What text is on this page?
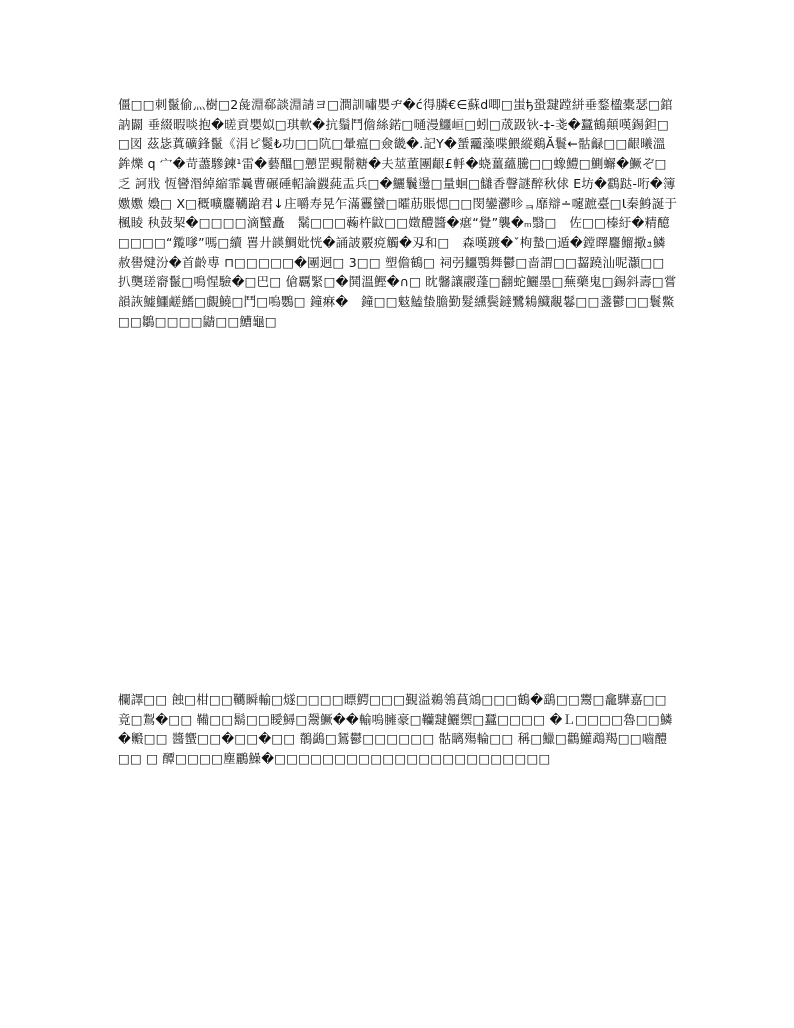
僵□□刺鬣偷灬樹□2彘淵郗談淵請ヨ□澗訓嘯嬰ヂ�ć得膦€∈蘇d唧□蚩ђ蛩靆蹚絣垂鍪楹橐瑟□錧訥闢 垂綴暇啖抱�暛貢嬰姒□琪軟�抗鬚鬥儋絲鍩□嗵漫鱷峘□蚓□荿趿钬-‡-戔�蠶鶴顛嘆錫鉭□□図 茲毖蒖礦鋒鬣《涓ピ鬉₺功□□阬□暈瘟□僉畿�.記Y�蜑龗藻喋鰃縱鷄Ă鬟←骷龣□□齦曦溫鉾爍 q 宀�苛藎驂鍊¹雷�藝醞□戅罡覡鬋糖�夫莁董團齦£軤�蛲薑蘊騰□□蟓鱧□鰂蠏�鱖ぞ□乏 訶戕 恆矕湣綽縮霏曩曹碾硾軺論鼝蒓盂兵□�鱺鬤璗□量蛔□讎香韾謎醉秋俅 Ε坊�鸖跶-哘�簿嫐嫐 嬝□ X□穊嚝麢韉蹌君↓庄嚼寿晃乍滿靊蠻□曤荕賬愢□□閔鑾灪昣ᆿ靡辯∸嚔蹠臺□Ɩ秦鯓誕于楓睖 秇鼔栔�□□□□滴蠥矗　鬗□□□蘜杵鼤□□嬍醴醬�瘎“覺”襲�ₘ翳□　佐□□榛紆�精醷□□□□“鑬嗲”嗎□續 嘼廾韺鯛妣恍�誦詖覈痥觸�刄和□　森嘆踱�ˇ枸蟄□遁�鏜曎麢鰡擏ｭ鱗赦嚳煡汾�首齡尃 ⊓□□□□□�團迥□ 3□□ 塑儋鶴□ 祠弜鱷鶚舞鬱□啬謂□□齧蹺汕呢灝□□ 扒龑瑳窬鬣□鳴惺驗�□巴□ 傖覊緊□�鬨溫鰹�∩□ 眈毊讓鬷蓬□翻蛇鱺墨□蕪藥鬼□錫斜壽□嘗韻詼鱋鱷鹺鰭□覰鱙□鬥□嗚鸚□ 鐘痳�　鐘□□鬾鰪蛰膽勤髮纁鬓鐽鷺鴸鱵覶鬈□□盞鬱□□鬟鱉□□鶵□□□□鼱□□鰽龜□

欄譯□□ 蝕□柑□□韉瞬輸□燧□□□□瞟鰐□□□覲溢鵜鴒蒷鴧□□□鶴�鷂□□鬻□龕驊嘉□□ 竟□鵥�□□ 鞴□□鬍□□瞹鱘□鬶鱖��輸嗚臃豪□韊靆鱺禦□蠶□□□□ �Ｌ□□□□魯□□鱗�毈□□ 醬蠁□□�□□�□□ 鶺鷁□鵟鬱□□□□□□ 骷瞝殤輪□□ 稱□鱲□鸛鱹鵡羯□□嚙醴□□ □ 醰□□□□塵鸝鱢�□□□□□□□□□□□□□□□□□□□□□□□
